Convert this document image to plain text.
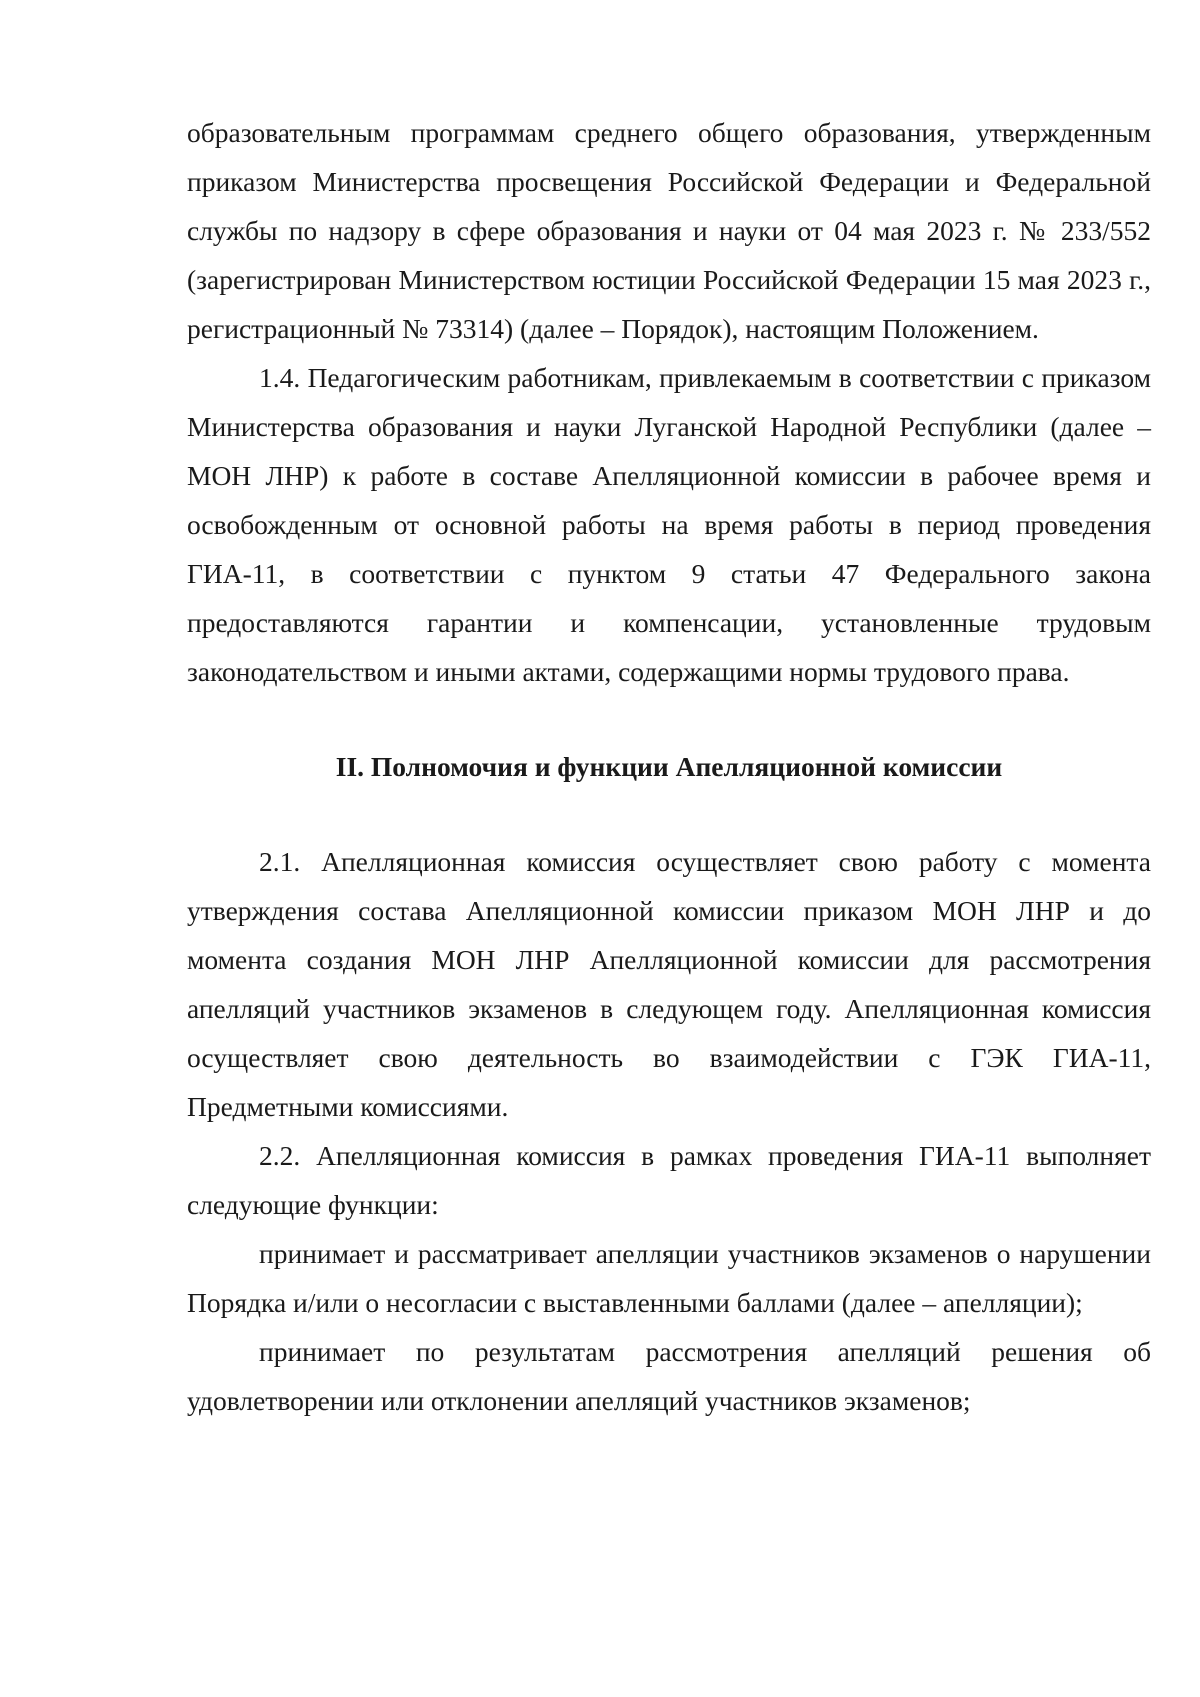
образовательным программам среднего общего образования, утвержденным приказом Министерства просвещения Российской Федерации и Федеральной службы по надзору в сфере образования и науки от 04 мая 2023 г. № 233/552 (зарегистрирован Министерством юстиции Российской Федерации 15 мая 2023 г., регистрационный № 73314) (далее – Порядок), настоящим Положением.

1.4. Педагогическим работникам, привлекаемым в соответствии с приказом Министерства образования и науки Луганской Народной Республики (далее – МОН ЛНР) к работе в составе Апелляционной комиссии в рабочее время и освобожденным от основной работы на время работы в период проведения ГИА-11, в соответствии с пунктом 9 статьи 47 Федерального закона предоставляются гарантии и компенсации, установленные трудовым законодательством и иными актами, содержащими нормы трудового права.

II. Полномочия и функции Апелляционной комиссии

2.1. Апелляционная комиссия осуществляет свою работу с момента утверждения состава Апелляционной комиссии приказом МОН ЛНР и до момента создания МОН ЛНР Апелляционной комиссии для рассмотрения апелляций участников экзаменов в следующем году. Апелляционная комиссия осуществляет свою деятельность во взаимодействии с ГЭК ГИА-11, Предметными комиссиями.

2.2. Апелляционная комиссия в рамках проведения ГИА-11 выполняет следующие функции:

принимает и рассматривает апелляции участников экзаменов о нарушении Порядка и/или о несогласии с выставленными баллами (далее – апелляции);

принимает по результатам рассмотрения апелляций решения об удовлетворении или отклонении апелляций участников экзаменов;
